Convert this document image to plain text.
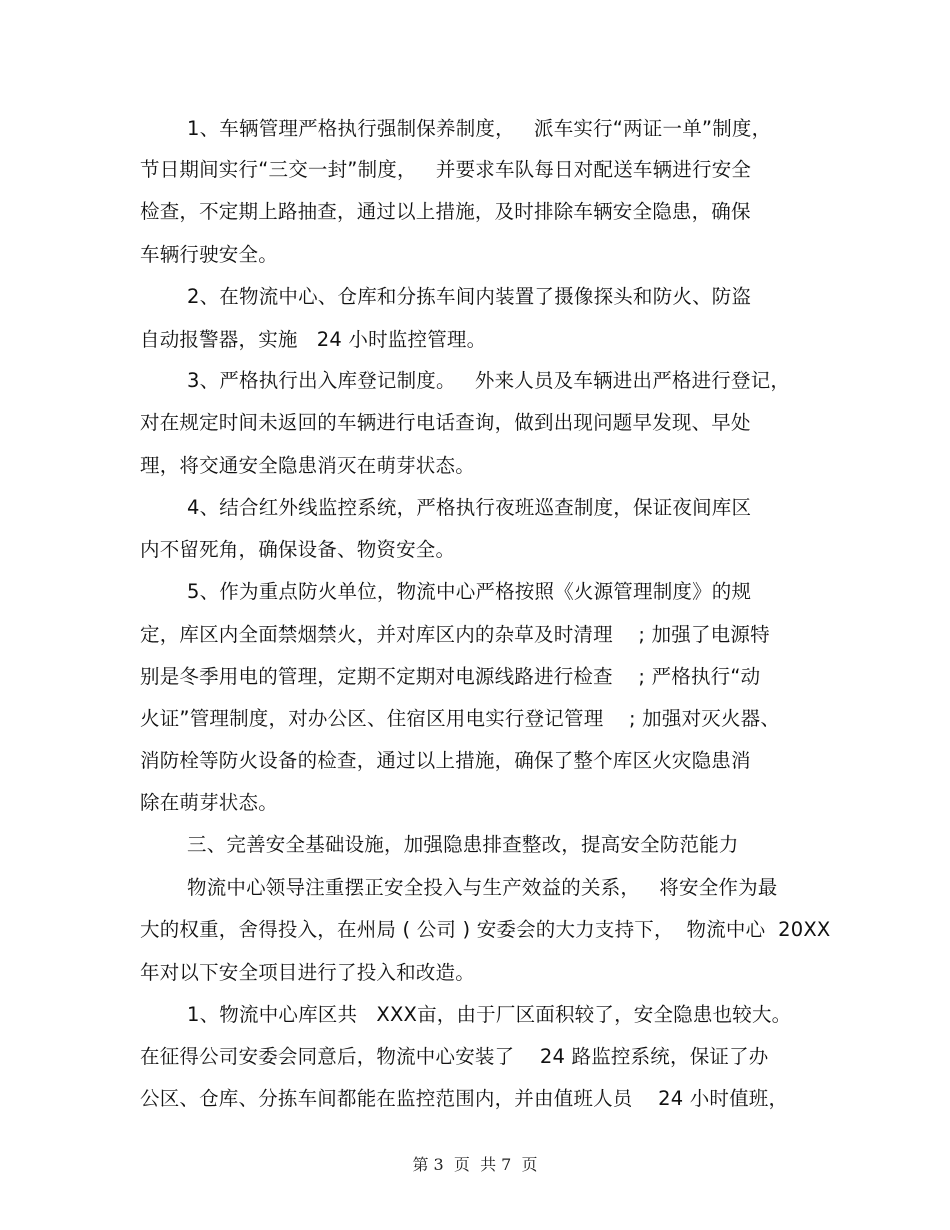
1、车辆管理严格执行强制保养制度，   派车实行“两证一单”制度，
节日期间实行“三交一封”制度，   并要求车队每日对配送车辆进行安全
检查，不定期上路抽查，通过以上措施，及时排除车辆安全隐患，确保
车辆行驶安全。
2、在物流中心、仓库和分拣车间内装置了摄像探头和防火、防盗
自动报警器，实施   24 小时监控管理。
3、严格执行出入库登记制度。   外来人员及车辆进出严格进行登记，
对在规定时间未返回的车辆进行电话查询，做到出现问题早发现、早处
理，将交通安全隐患消灭在萌芽状态。
4、结合红外线监控系统，严格执行夜班巡查制度，保证夜间库区
内不留死角，确保设备、物资安全。
5、作为重点防火单位，物流中心严格按照《火源管理制度》的规
定，库区内全面禁烟禁火，并对库区内的杂草及时清理    ; 加强了电源特
别是冬季用电的管理，定期不定期对电源线路进行检查    ; 严格执行“动
火证”管理制度，对办公区、住宿区用电实行登记管理    ; 加强对灭火器、
消防栓等防火设备的检查，通过以上措施，确保了整个库区火灾隐患消
除在萌芽状态。
三、完善安全基础设施，加强隐患排查整改，提高安全防范能力
物流中心领导注重摆正安全投入与生产效益的关系，   将安全作为最
大的权重，舍得投入，在州局 ( 公司 ) 安委会的大力支持下，  物流中心  20XX
年对以下安全项目进行了投入和改造。
1、物流中心库区共   XXX亩，由于厂区面积较了，安全隐患也较大。
在征得公司安委会同意后，物流中心安装了    24 路监控系统，保证了办
公区、仓库、分拣车间都能在监控范围内，并由值班人员    24 小时值班，
第 3  页  共 7  页
